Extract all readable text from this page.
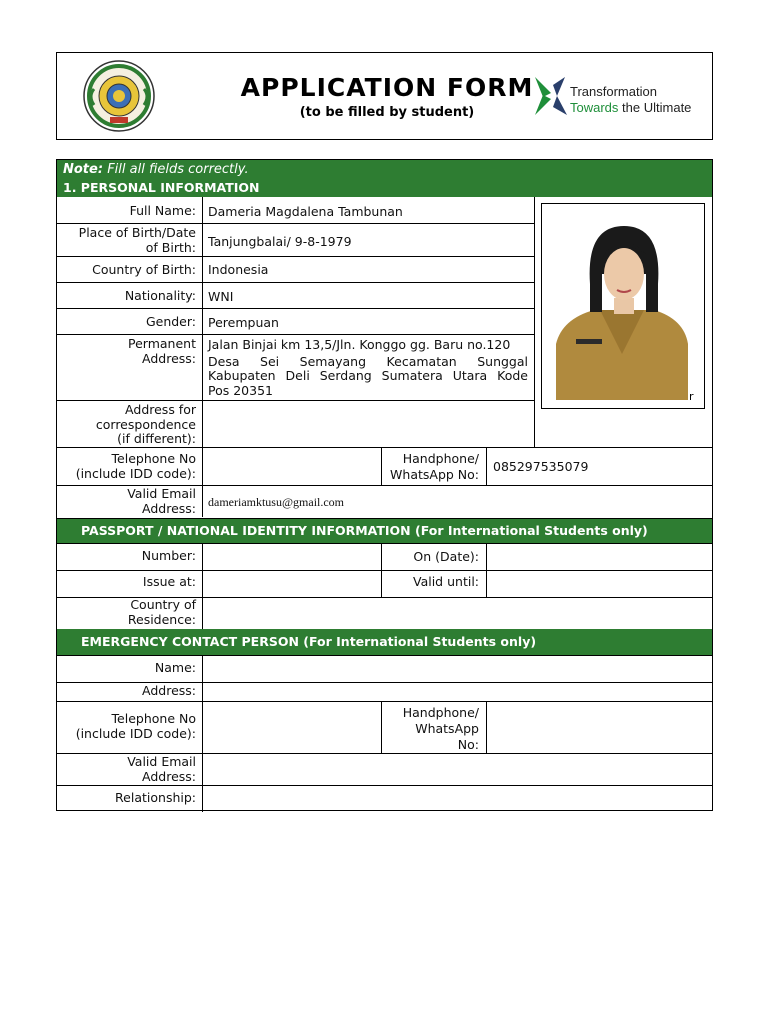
APPLICATION FORM
(to be filled by student)
Transformation
Towards the Ultimate
Note: Fill all fields correctly.
1. PERSONAL INFORMATION
Full Name: Dameria Magdalena Tambunan
Place of Birth/Date
of Birth: Tanjungbalai/ 9-8-1979
Country of Birth: Indonesia
Nationality: WNI
Gender: Perempuan
Permanent
Address:
Jalan Binjai km 13,5/Jln. Konggo gg. Baru no.120
Desa Sei Semayang Kecamatan Sunggal
Kabupaten Deli Serdang Sumatera Utara Kode
Pos 20351
Address for
correspondence
(if different):
Telephone No
(include IDD code):
Handphone/
WhatsApp No:
085297535079
Valid Email
Address: dameriamktusu@gmail.com
r
PASSPORT / NATIONAL IDENTITY INFORMATION (For International Students only)
Number:	On (Date):
Issue at:	Valid until:
Country of
Residence:
EMERGENCY CONTACT PERSON (For International Students only)
Name:
Address:
Telephone No
(include IDD code):
Handphone/
WhatsApp
No:
Valid Email
Address:
Relationship:
